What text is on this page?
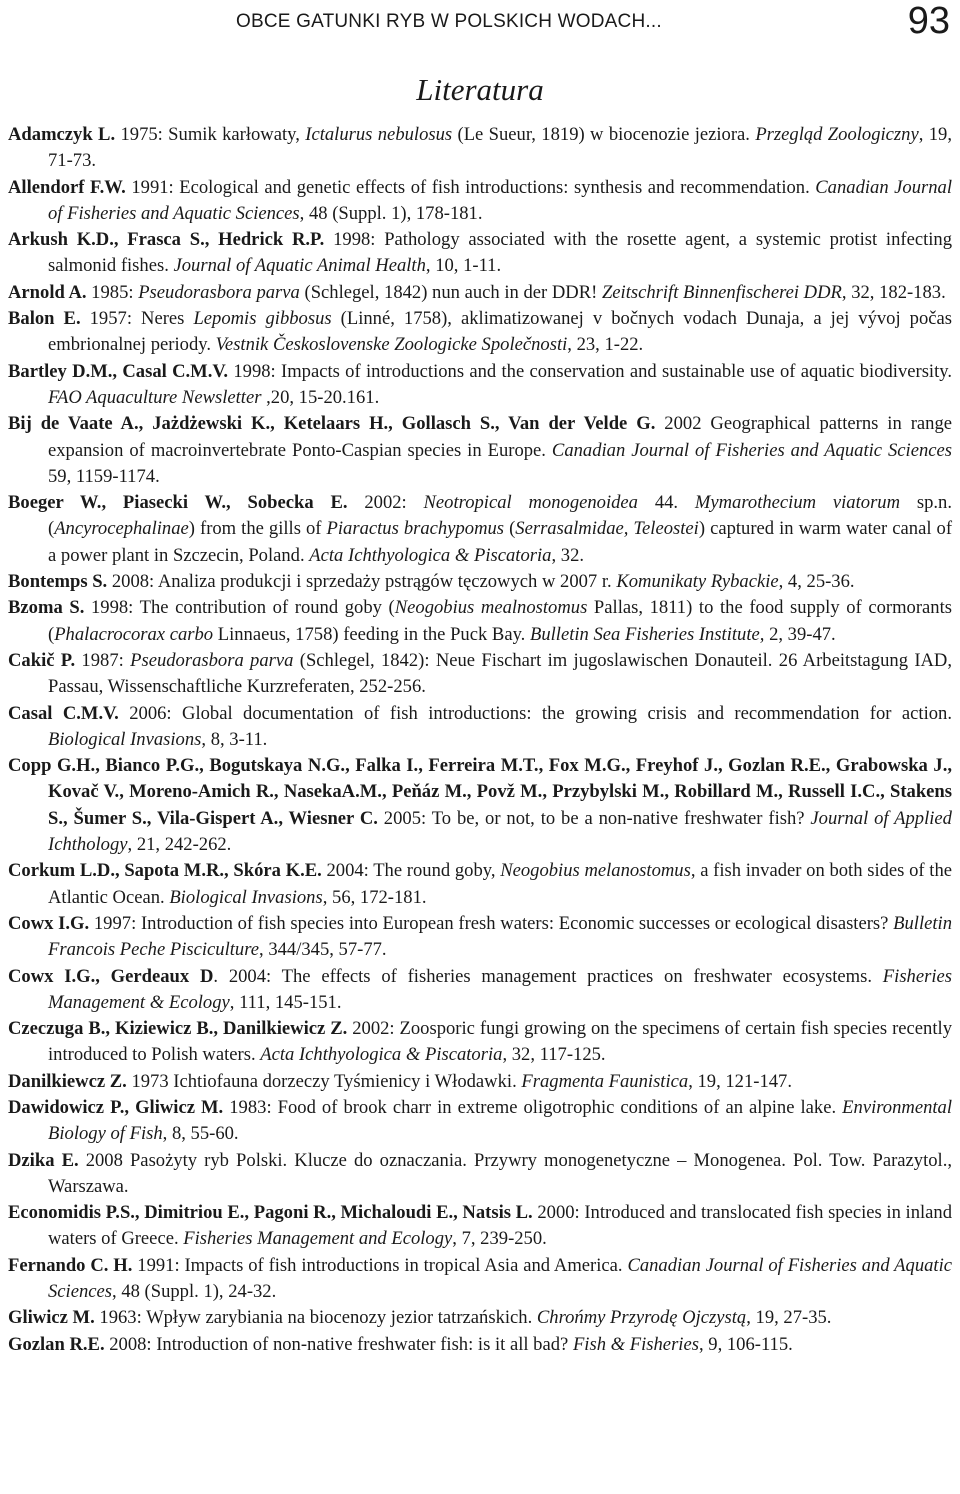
OBCE GATUNKI RYB W POLSKICH WODACH...	93
Literatura

Adamczyk L. 1975: Sumik karłowaty, Ictalurus nebulosus (Le Sueur, 1819) w biocenozie jeziora. Przegląd Zoologiczny, 19, 71-73.

Allendorf F.W. 1991: Ecological and genetic effects of fish introductions: synthesis and recommendation. Canadian Journal of Fisheries and Aquatic Sciences, 48 (Suppl. 1), 178-181.

Arkush K.D., Frasca S., Hedrick R.P. 1998: Pathology associated with the rosette agent, a systemic protist infecting salmonid fishes. Journal of Aquatic Animal Health, 10, 1-11.

Arnold A. 1985: Pseudorasbora parva (Schlegel, 1842) nun auch in der DDR! Zeitschrift Binnenfischerei DDR, 32, 182-183.

Balon E. 1957: Neres Lepomis gibbosus (Linné, 1758), aklimatizowanej v bočnych vodach Dunaja, a jej vývoj počas embrionalnej periody. Vestnik Československe Zoologicke Společnosti, 23, 1-22.

Bartley D.M., Casal C.M.V. 1998: Impacts of introductions and the conservation and sustainable use of aquatic biodiversity. FAO Aquaculture Newsletter ,20, 15-20.161.

Bij de Vaate A., Jażdżewski K., Ketelaars H., Gollasch S., Van der Velde G. 2002 Geographical patterns in range expansion of macroinvertebrate Ponto-Caspian species in Europe. Canadian Journal of Fisheries and Aquatic Sciences 59, 1159-1174.

Boeger W., Piasecki W., Sobecka E. 2002: Neotropical monogenoidea 44. Mymarothecium viatorum sp.n. (Ancyrocephalinae) from the gills of Piaractus brachypomus (Serrasalmidae, Teleostei) captured in warm water canal of a power plant in Szczecin, Poland. Acta Ichthyologica & Piscatoria, 32.

Bontemps S. 2008: Analiza produkcji i sprzedaży pstrągów tęczowych w 2007 r. Komunikaty Rybackie, 4, 25-36.

Bzoma S. 1998: The contribution of round goby (Neogobius mealnostomus Pallas, 1811) to the food supply of cormorants (Phalacrocorax carbo Linnaeus, 1758) feeding in the Puck Bay. Bulletin Sea Fisheries Institute, 2, 39-47.

Cakič P. 1987: Pseudorasbora parva (Schlegel, 1842): Neue Fischart im jugoslawischen Donauteil. 26 Arbeitstagung IAD, Passau, Wissenschaftliche Kurzreferaten, 252-256.

Casal C.M.V. 2006: Global documentation of fish introductions: the growing crisis and recommendation for action. Biological Invasions, 8, 3-11.

Copp G.H., Bianco P.G., Bogutskaya N.G., Falka I., Ferreira M.T., Fox M.G., Freyhof J., Gozlan R.E., Grabowska J., Kovač V., Moreno-Amich R., NasekaA.M., Peňáz M., Povž M., Przybylski M., Robillard M., Russell I.C., Stakens S., Šumer S., Vila-Gispert A., Wiesner C. 2005: To be, or not, to be a non-native freshwater fish? Journal of Applied Ichthology, 21, 242-262.

Corkum L.D., Sapota M.R., Skóra K.E. 2004: The round goby, Neogobius melanostomus, a fish invader on both sides of the Atlantic Ocean. Biological Invasions, 56, 172-181.

Cowx I.G. 1997: Introduction of fish species into European fresh waters: Economic successes or ecological disasters? Bulletin Francois Peche Pisciculture, 344/345, 57-77.

Cowx I.G., Gerdeaux D. 2004: The effects of fisheries management practices on freshwater ecosystems. Fisheries Management & Ecology, 111, 145-151.

Czeczuga B., Kiziewicz B., Danilkiewicz Z. 2002: Zoosporic fungi growing on the specimens of certain fish species recently introduced to Polish waters. Acta Ichthyologica & Piscatoria, 32, 117-125.

Danilkiewcz Z. 1973 Ichtiofauna dorzeczy Tyśmienicy i Włodawki. Fragmenta Faunistica, 19, 121-147.

Dawidowicz P., Gliwicz M. 1983: Food of brook charr in extreme oligotrophic conditions of an alpine lake. Environmental Biology of Fish, 8, 55-60.

Dzika E. 2008 Pasożyty ryb Polski. Klucze do oznaczania. Przywry monogenetyczne – Monogenea. Pol. Tow. Parazytol., Warszawa.

Economidis P.S., Dimitriou E., Pagoni R., Michaloudi E., Natsis L. 2000: Introduced and translocated fish species in inland waters of Greece. Fisheries Management and Ecology, 7, 239-250.

Fernando C. H. 1991: Impacts of fish introductions in tropical Asia and America. Canadian Journal of Fisheries and Aquatic Sciences, 48 (Suppl. 1), 24-32.

Gliwicz M. 1963: Wpływ zarybiania na biocenozy jezior tatrzańskich. Chrońmy Przyrodę Ojczystą, 19, 27-35.

Gozlan R.E. 2008: Introduction of non-native freshwater fish: is it all bad? Fish & Fisheries, 9, 106-115.
